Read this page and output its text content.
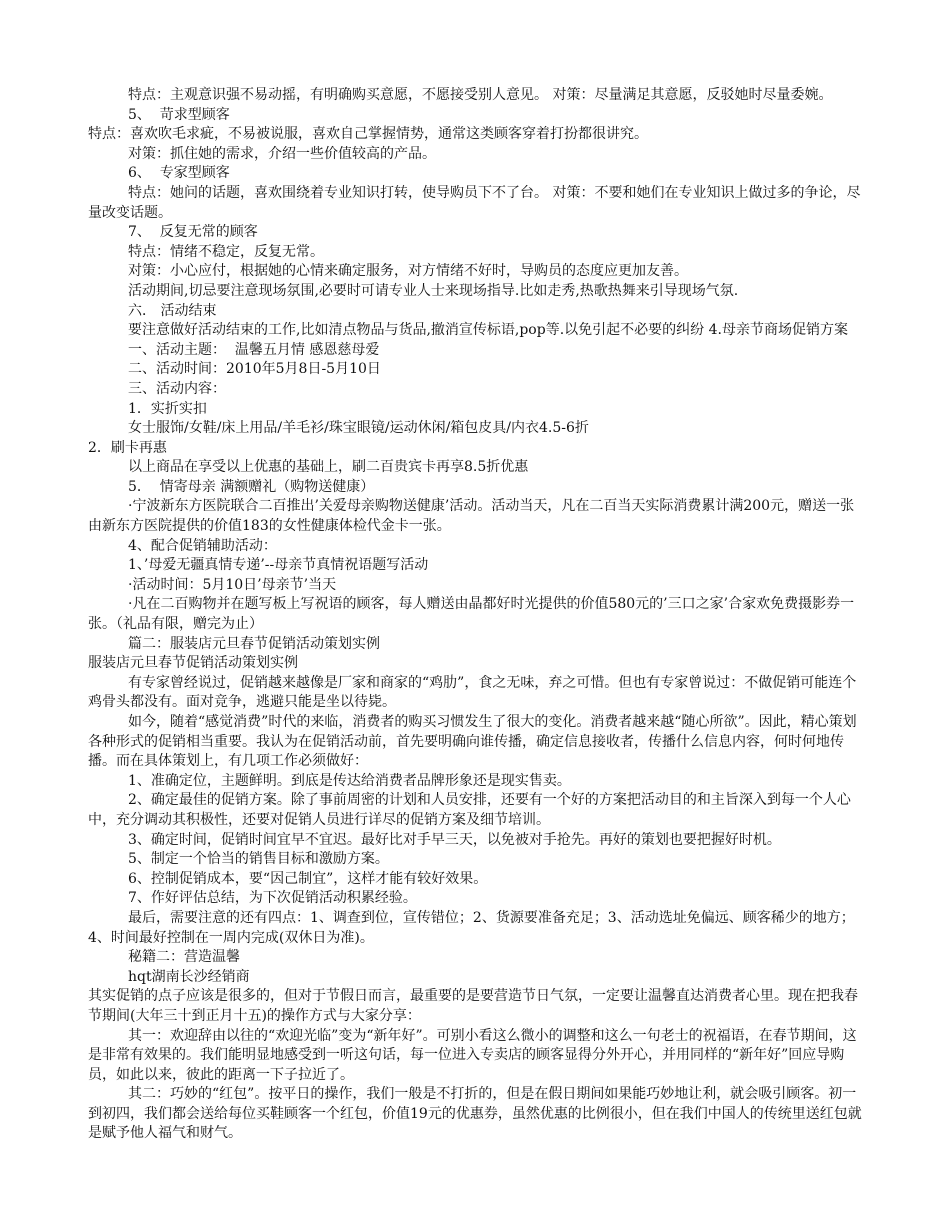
特点：主观意识强不易动摇，有明确购买意愿，不愿接受别人意见。 对策：尽量满足其意愿，反驳她时尽量委婉。

5、  苛求型顾客

特点：喜欢吹毛求疵，不易被说服，喜欢自己掌握情势，通常这类顾客穿着打扮都很讲究。

对策：抓住她的需求，介绍一些价值较高的产品。

6、  专家型顾客

特点：她问的话题，喜欢围绕着专业知识打转，使导购员下不了台。 对策：不要和她们在专业知识上做过多的争论，尽量改变话题。

7、  反复无常的顾客

特点：情绪不稳定，反复无常。

对策：小心应付，根据她的心情来确定服务，对方情绪不好时，导购员的态度应更加友善。

活动期间,切忌要注意现场氛围,必要时可请专业人士来现场指导.比如走秀,热歌热舞来引导现场气氛.

六． 活动结束

要注意做好活动结束的工作,比如清点物品与货品,撤消宣传标语,pop等.以免引起不必要的纠纷 4.母亲节商场促销方案

一、活动主题：  温馨五月情 感恩慈母爱

二、活动时间：2010年5月8日-5月10日

三、活动内容：

1．实折实扣

女士服饰/女鞋/床上用品/羊毛衫/珠宝眼镜/运动休闲/箱包皮具/内衣4.5-6折

2．刷卡再惠

以上商品在享受以上优惠的基础上，刷二百贵宾卡再享8.5折优惠

5．  情寄母亲 满额赠礼（购物送健康）

·宁波新东方医院联合二百推出’关爱母亲购物送健康’活动。活动当天，凡在二百当天实际消费累计满200元，赠送一张由新东方医院提供的价值183的女性健康体检代金卡一张。

4、配合促销辅助活动：

1、’母爱无疆真情专递’--母亲节真情祝语题写活动

·活动时间：5月10日’母亲节’当天

·凡在二百购物并在题写板上写祝语的顾客，每人赠送由晶都好时光提供的价值580元的’三口之家’合家欢免费摄影券一张。（礼品有限，赠完为止）

篇二：服装店元旦春节促销活动策划实例

服装店元旦春节促销活动策划实例

有专家曾经说过，促销越来越像是厂家和商家的“鸡肋”，食之无味，弃之可惜。但也有专家曾说过：不做促销可能连个鸡骨头都没有。面对竞争，逃避只能是坐以待毙。

如今，随着“感觉消费”时代的来临，消费者的购买习惯发生了很大的变化。消费者越来越“随心所欲”。因此，精心策划各种形式的促销相当重要。我认为在促销活动前，首先要明确向谁传播，确定信息接收者，传播什么信息内容，何时何地传播。而在具体策划上，有几项工作必须做好：

1、准确定位，主题鲜明。到底是传达给消费者品牌形象还是现实售卖。

2、确定最佳的促销方案。除了事前周密的计划和人员安排，还要有一个好的方案把活动目的和主旨深入到每一个人心中，充分调动其积极性，还要对促销人员进行详尽的促销方案及细节培训。

3、确定时间，促销时间宜早不宜迟。最好比对手早三天，以免被对手抢先。再好的策划也要把握好时机。

5、制定一个恰当的销售目标和激励方案。

6、控制促销成本，要“因己制宜”，这样才能有较好效果。

7、作好评估总结，为下次促销活动积累经验。

最后，需要注意的还有四点：1、调查到位，宣传错位；2、货源要准备充足；3、活动选址免偏远、顾客稀少的地方；4、时间最好控制在一周内完成(双休日为准)。

秘籍二：营造温馨

hqt湖南长沙经销商

其实促销的点子应该是很多的，但对于节假日而言，最重要的是要营造节日气氛，一定要让温馨直达消费者心里。现在把我春节期间(大年三十到正月十五)的操作方式与大家分享：

其一：欢迎辞由以往的“欢迎光临”变为“新年好”。可别小看这么微小的调整和这么一句老士的祝福语，在春节期间，这是非常有效果的。我们能明显地感受到一听这句话，每一位进入专卖店的顾客显得分外开心，并用同样的“新年好”回应导购员，如此以来，彼此的距离一下子拉近了。

其二：巧妙的“红包”。按平日的操作，我们一般是不打折的，但是在假日期间如果能巧妙地让利，就会吸引顾客。初一到初四，我们都会送给每位买鞋顾客一个红包，价值19元的优惠券，虽然优惠的比例很小，但在我们中国人的传统里送红包就是赋予他人福气和财气。
